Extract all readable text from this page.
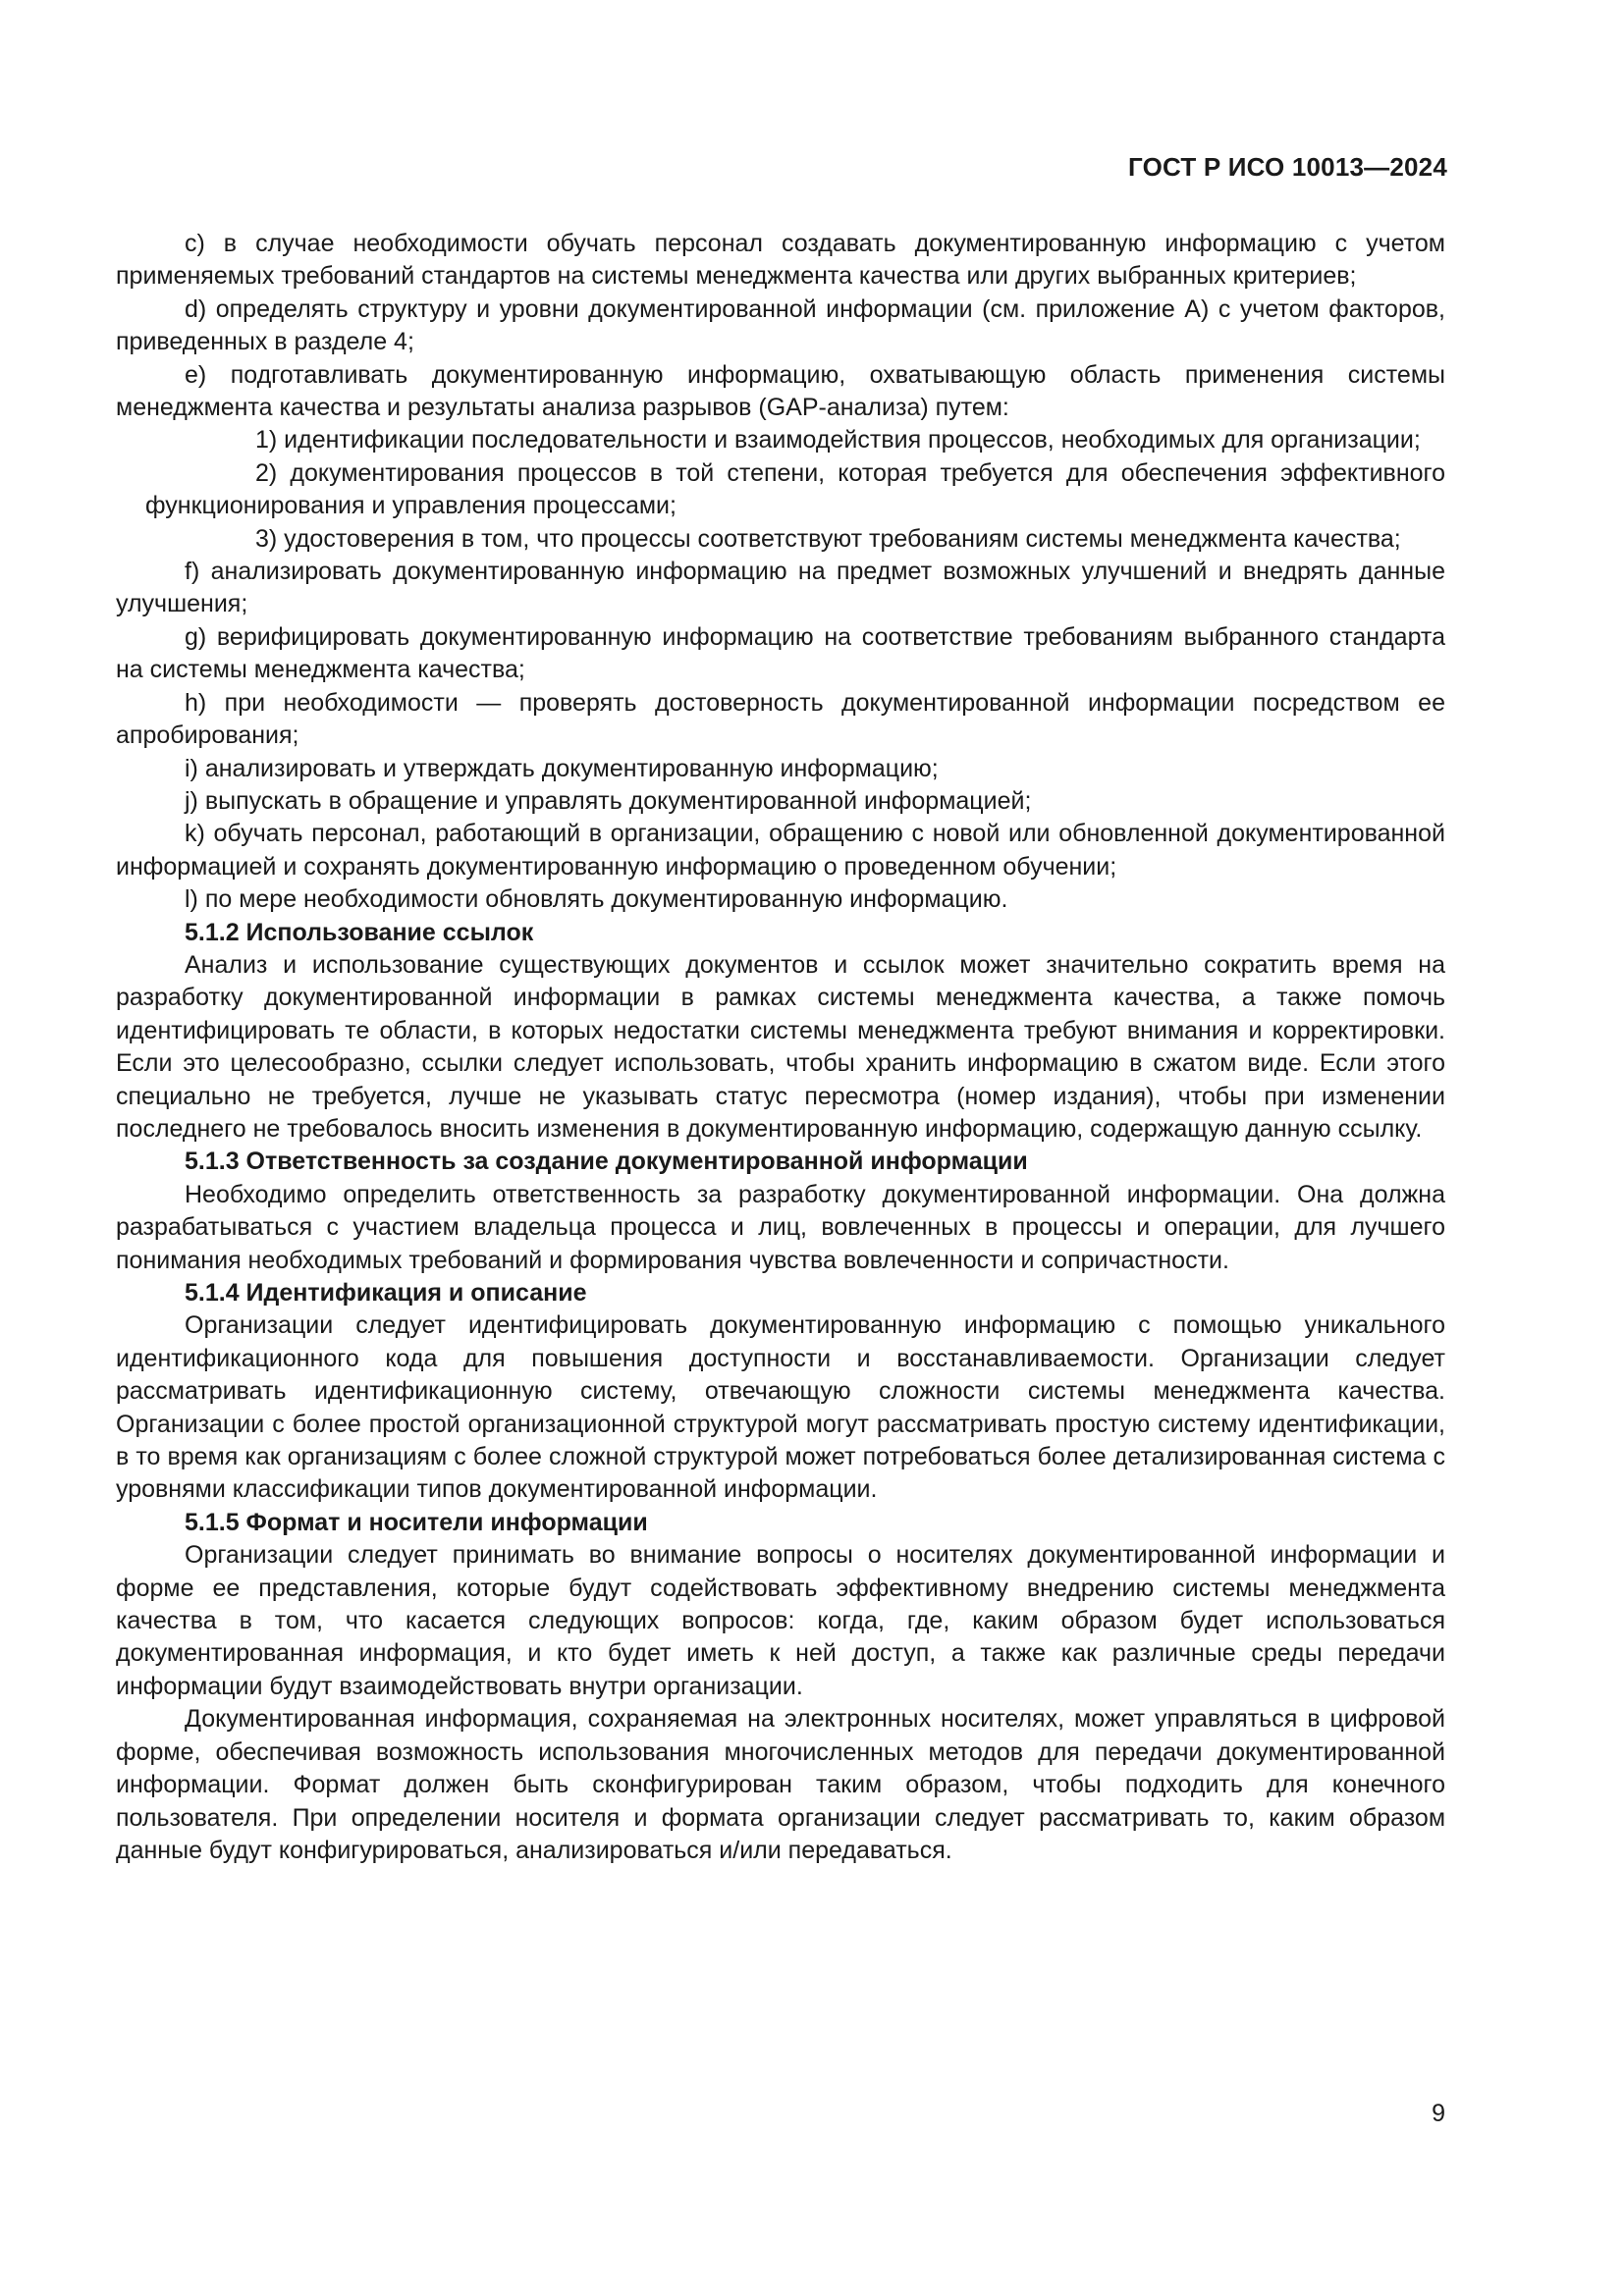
ГОСТ Р ИСО 10013—2024

c) в случае необходимости обучать персонал создавать документированную информацию с учетом применяемых требований стандартов на системы менеджмента качества или других выбранных критериев;

d) определять структуру и уровни документированной информации (см. приложение A) с учетом факторов, приведенных в разделе 4;

e) подготавливать документированную информацию, охватывающую область применения системы менеджмента качества и результаты анализа разрывов (GAP-анализа) путем:

1) идентификации последовательности и взаимодействия процессов, необходимых для организации;

2) документирования процессов в той степени, которая требуется для обеспечения эффективного функционирования и управления процессами;

3) удостоверения в том, что процессы соответствуют требованиям системы менеджмента качества;

f) анализировать документированную информацию на предмет возможных улучшений и внедрять данные улучшения;

g) верифицировать документированную информацию на соответствие требованиям выбранного стандарта на системы менеджмента качества;

h) при необходимости — проверять достоверность документированной информации посредством ее апробирования;

i) анализировать и утверждать документированную информацию;

j) выпускать в обращение и управлять документированной информацией;

k) обучать персонал, работающий в организации, обращению с новой или обновленной документированной информацией и сохранять документированную информацию о проведенном обучении;

l) по мере необходимости обновлять документированную информацию.

5.1.2 Использование ссылок

Анализ и использование существующих документов и ссылок может значительно сократить время на разработку документированной информации в рамках системы менеджмента качества, а также помочь идентифицировать те области, в которых недостатки системы менеджмента требуют внимания и корректировки. Если это целесообразно, ссылки следует использовать, чтобы хранить информацию в сжатом виде. Если этого специально не требуется, лучше не указывать статус пересмотра (номер издания), чтобы при изменении последнего не требовалось вносить изменения в документированную информацию, содержащую данную ссылку.

5.1.3 Ответственность за создание документированной информации

Необходимо определить ответственность за разработку документированной информации. Она должна разрабатываться с участием владельца процесса и лиц, вовлеченных в процессы и операции, для лучшего понимания необходимых требований и формирования чувства вовлеченности и сопричастности.

5.1.4 Идентификация и описание

Организации следует идентифицировать документированную информацию с помощью уникального идентификационного кода для повышения доступности и восстанавливаемости. Организации следует рассматривать идентификационную систему, отвечающую сложности системы менеджмента качества. Организации с более простой организационной структурой могут рассматривать простую систему идентификации, в то время как организациям с более сложной структурой может потребоваться более детализированная система с уровнями классификации типов документированной информации.

5.1.5 Формат и носители информации

Организации следует принимать во внимание вопросы о носителях документированной информации и форме ее представления, которые будут содействовать эффективному внедрению системы менеджмента качества в том, что касается следующих вопросов: когда, где, каким образом будет использоваться документированная информация, и кто будет иметь к ней доступ, а также как различные среды передачи информации будут взаимодействовать внутри организации.

Документированная информация, сохраняемая на электронных носителях, может управляться в цифровой форме, обеспечивая возможность использования многочисленных методов для передачи документированной информации. Формат должен быть сконфигурирован таким образом, чтобы подходить для конечного пользователя. При определении носителя и формата организации следует рассматривать то, каким образом данные будут конфигурироваться, анализироваться и/или передаваться.

9
